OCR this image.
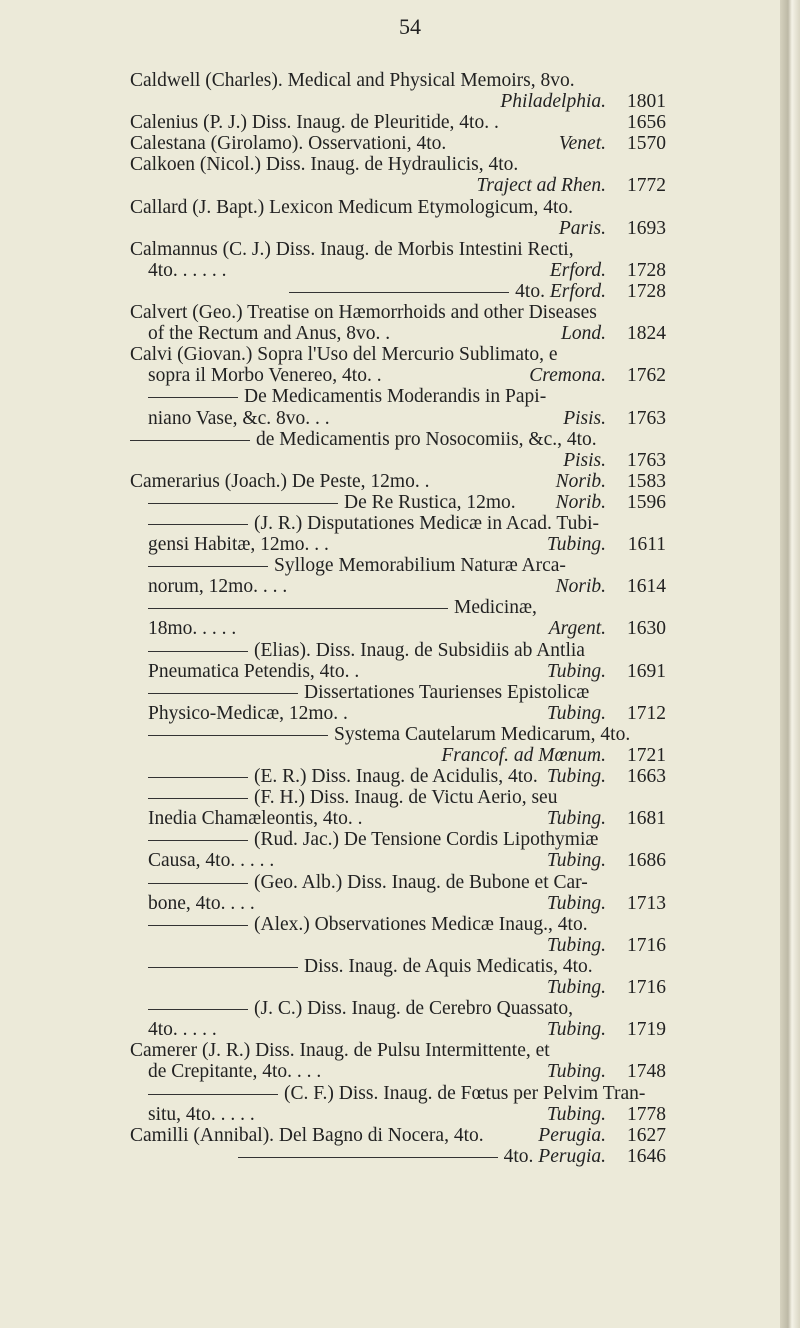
54
Caldwell (Charles). Medical and Physical Memoirs, 8vo.
Philadelphia. 1801
Calenius (P. J.) Diss. Inaug. de Pleuritide, 4to. .	1656
Calestana (Girolamo). Osservationi, 4to.	Venet. 1570
Calkoen (Nicol.) Diss. Inaug. de Hydraulicis, 4to.
Traject ad Rhen. 1772
Callard (J. Bapt.) Lexicon Medicum Etymologicum, 4to.
Paris. 1693
Calmannus (C. J.) Diss. Inaug. de Morbis Intestini Recti,
4to. . . . . .	Erford. 1728
4to. Erford. 1728
Calvert (Geo.) Treatise on Hæmorrhoids and other Diseases
of the Rectum and Anus, 8vo. .	Lond. 1824
Calvi (Giovan.) Sopra l'Uso del Mercurio Sublimato, e
sopra il Morbo Venereo, 4to. .	Cremona. 1762
De Medicamentis Moderandis in Papi-
niano Vase, &c. 8vo. . .	Pisis. 1763
de Medicamentis pro Nosocomiis, &c., 4to.
Pisis. 1763
Camerarius (Joach.) De Peste, 12mo. .	Norib. 1583
De Re Rustica, 12mo. Norib. 1596
(J. R.) Disputationes Medicæ in Acad. Tubi-
gensi Habitæ, 12mo. . .	Tubing. 1611
Sylloge Memorabilium Naturæ Arca-
norum, 12mo. . . .	Norib. 1614
Medicinæ,
18mo. . . . .	Argent. 1630
(Elias). Diss. Inaug. de Subsidiis ab Antlia
Pneumatica Petendis, 4to. .	Tubing. 1691
Dissertationes Taurienses Epistolicæ
Physico-Medicæ, 12mo. .	Tubing. 1712
Systema Cautelarum Medicarum, 4to.
Francof. ad Mœnum. 1721
(E. R.) Diss. Inaug. de Acidulis, 4to. Tubing. 1663
(F. H.) Diss. Inaug. de Victu Aerio, seu
Inedia Chamæleontis, 4to. .	Tubing. 1681
(Rud. Jac.) De Tensione Cordis Lipothymiæ
Causa, 4to. . . . .	Tubing. 1686
(Geo. Alb.) Diss. Inaug. de Bubone et Car-
bone, 4to. . . .	Tubing. 1713
(Alex.) Observationes Medicæ Inaug., 4to.
Tubing. 1716
Diss. Inaug. de Aquis Medicatis, 4to.
Tubing. 1716
(J. C.) Diss. Inaug. de Cerebro Quassato,
4to. . . . .	Tubing. 1719
Camerer (J. R.) Diss. Inaug. de Pulsu Intermittente, et
de Crepitante, 4to. . . .	Tubing. 1748
(C. F.) Diss. Inaug. de Fœtus per Pelvim Tran-
situ, 4to. . . . .	Tubing. 1778
Camilli (Annibal). Del Bagno di Nocera, 4to.	Perugia. 1627
4to. Perugia. 1646
